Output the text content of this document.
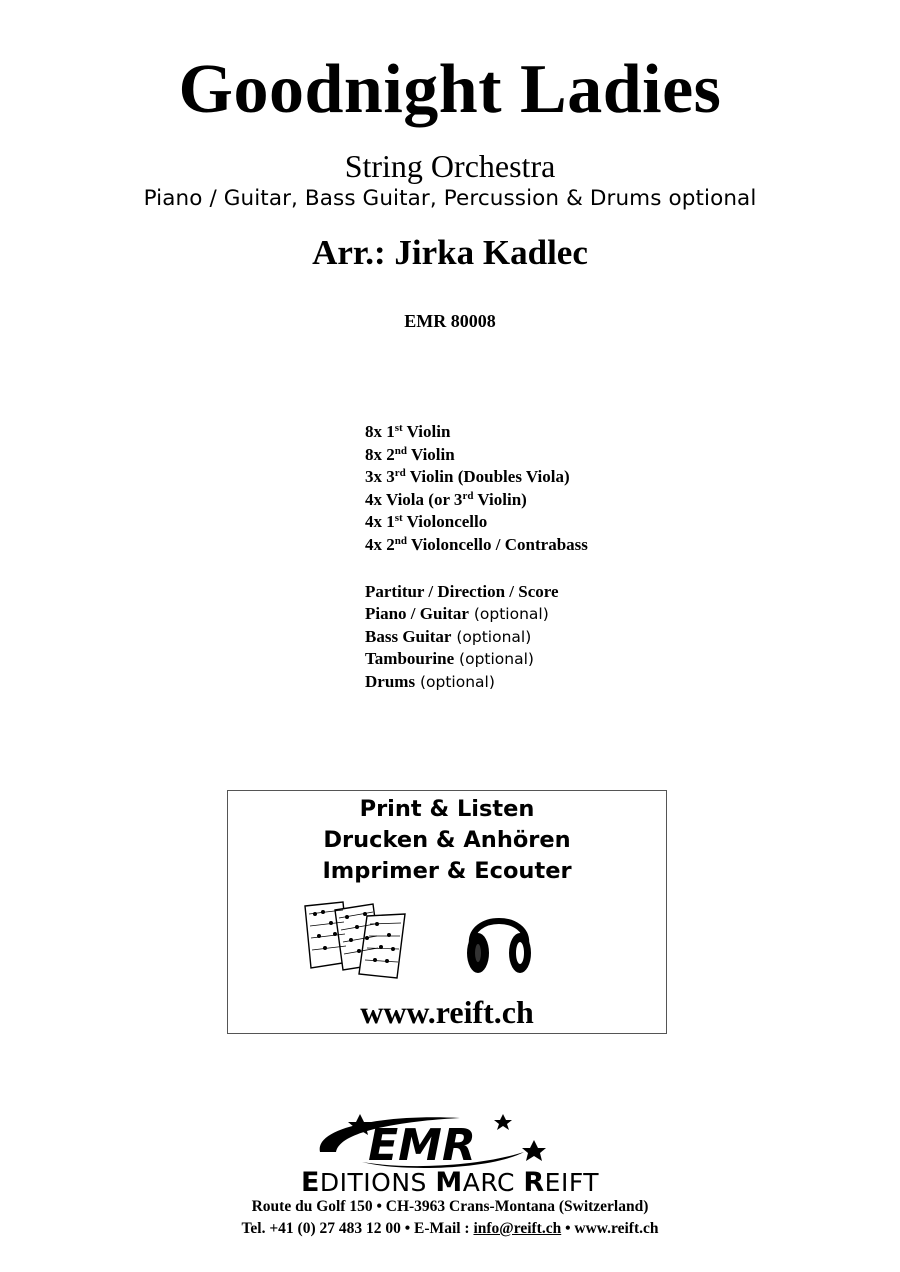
Goodnight Ladies
String Orchestra
Piano / Guitar, Bass Guitar, Percussion & Drums optional
Arr.: Jirka Kadlec
EMR 80008
8x 1st Violin
8x 2nd Violin
3x 3rd Violin (Doubles Viola)
4x Viola (or 3rd Violin)
4x 1st Violoncello
4x 2nd Violoncello / Contrabass
Partitur / Direction / Score
Piano / Guitar (optional)
Bass Guitar (optional)
Tambourine (optional)
Drums (optional)
Print & Listen
Drucken & Anhören
Imprimer & Ecouter
www.reift.ch
EMR
EDITIONS MARC REIFT
Route du Golf 150 • CH-3963 Crans-Montana (Switzerland)
Tel. +41 (0) 27 483 12 00 • E-Mail : info@reift.ch • www.reift.ch
